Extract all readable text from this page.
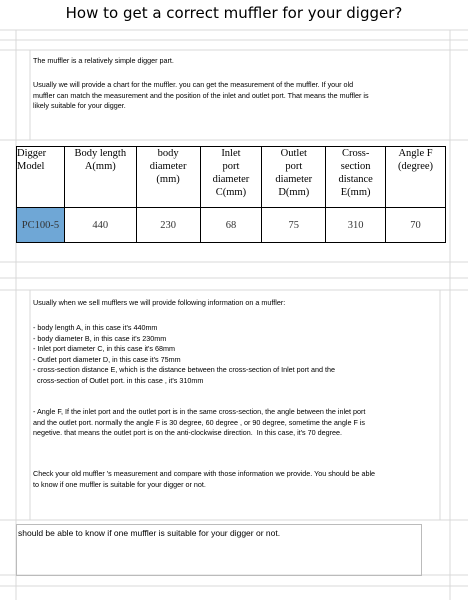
How to get a correct muffler for your digger?
The muffler is a relatively simple digger part.
Usually we will provide a chart for the muffler. you can get the measurement of the muffler. If your old
muffler can match the measurement and the position of the inlet and outlet port. That means the muffler is
likely suitable for your digger.
Digger
Model	Body length
A(mm)	body
diameter
(mm)	Inlet
port
diameter
C(mm)	Outlet
port
diameter
D(mm)	Cross-
section
distance
E(mm)	Angle F
(degree)

PC100-5	440	230	68	75	310	70
Usually when we sell mufflers we will provide following information on a muffler:
- body length A, in this case it's 440mm
- body diameter B, in this case it's 230mm
- Inlet port diameter C, in this case it's 68mm
- Outlet port diameter D, in this case it's 75mm
- cross-section distance E, which is the distance between the cross-section of Inlet port and the
cross-section of Outlet port. in this case , it's 310mm
- Angle F, If the inlet port and the outlet port is in the same cross-section, the angle between the inlet port
and the outlet port. normally the angle F is 30 degree, 60 degree , or 90 degree, sometime the angle F is
negetive. that means the outlet port is on the anti-clockwise direction.  In this case, it's 70 degree.
Check your old muffler 's measurement and compare with those information we provide. You should be able
to know if one muffler is suitable for your digger or not.
should be able to know if one muffler is suitable for your digger or not.
